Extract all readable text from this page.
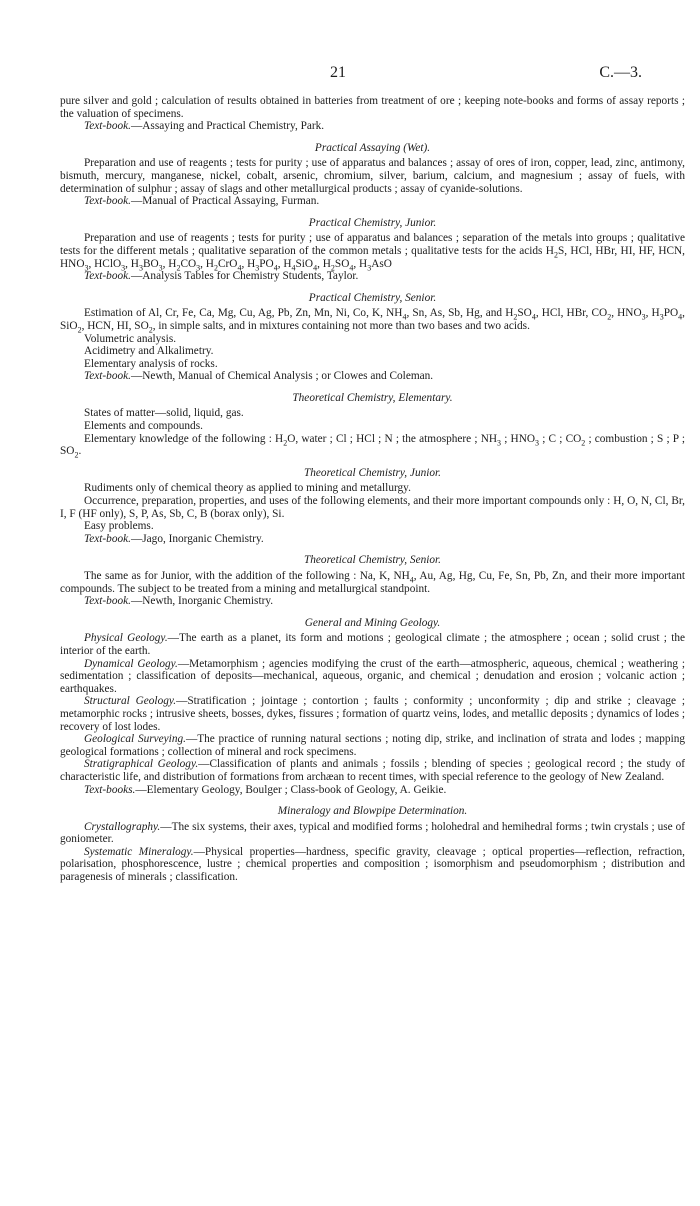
21	C.—3.

pure silver and gold ; calculation of results obtained in batteries from treatment of ore ; keeping note-books and forms of assay reports ; the valuation of specimens.

Text-book.—Assaying and Practical Chemistry, Park.

Practical Assaying (Wet).

Preparation and use of reagents ; tests for purity ; use of apparatus and balances ; assay of ores of iron, copper, lead, zinc, antimony, bismuth, mercury, manganese, nickel, cobalt, arsenic, chromium, silver, barium, calcium, and magnesium ; assay of fuels, with determination of sulphur ; assay of slags and other metallurgical products ; assay of cyanide-solutions.

Text-book.—Manual of Practical Assaying, Furman.

Practical Chemistry, Junior.

Preparation and use of reagents ; tests for purity ; use of apparatus and balances ; separation of the metals into groups ; qualitative tests for the different metals ; qualitative separation of the common metals ; qualitative tests for the acids $H_2S$, HCl, HBr, HI, HF, HCN, $HNO_3$, HClO$_3$, $H_3BO_3$, $H_2CO_3$, $H_2CrO_4$, $H_3PO_4$, $H_4SiO_4$, $H_2SO_4$, $H_3AsO$

Text-book.—Analysis Tables for Chemistry Students, Taylor.

Practical Chemistry, Senior.

Estimation of Al, Cr, Fe, Ca, Mg, Cu, Ag, Pb, Zn, Mn, Ni, Co, K, $NH_4$, Sn, As, Sb, Hg, and $H_2SO_4$, HCl, HBr, $CO_2$, $HNO_3$, $H_3PO_4$, SiO$_2$, HCN, HI, $SO_2$, in simple salts, and in mixtures containing not more than two bases and two acids.

Volumetric analysis.

Acidimetry and Alkalimetry.

Elementary analysis of rocks.

Text-book.—Newth, Manual of Chemical Analysis ; or Clowes and Coleman.

Theoretical Chemistry, Elementary.

States of matter—solid, liquid, gas.

Elements and compounds.

Elementary knowledge of the following : $H_2O$, water ; Cl ; HCl ; N ; the atmosphere ; $NH_3$ ; $HNO_3$ ; C ; $CO_2$ ; combustion ; S ; P ; $SO_2$.

Theoretical Chemistry, Junior.

Rudiments only of chemical theory as applied to mining and metallurgy.

Occurrence, preparation, properties, and uses of the following elements, and their more important compounds only : H, O, N, Cl, Br, I, F (HF only), S, P, As, Sb, C, B (borax only), Si.

Easy problems.

Text-book.—Jago, Inorganic Chemistry.

Theoretical Chemistry, Senior.

The same as for Junior, with the addition of the following : Na, K, $NH_4$, Au, Ag, Hg, Cu, Fe, Sn, Pb, Zn, and their more important compounds. The subject to be treated from a mining and metallurgical standpoint.

Text-book.—Newth, Inorganic Chemistry.

General and Mining Geology.

Physical Geology.—The earth as a planet, its form and motions ; geological climate ; the atmosphere ; ocean ; solid crust ; the interior of the earth.

Dynamical Geology.—Metamorphism ; agencies modifying the crust of the earth—atmospheric, aqueous, chemical ; weathering ; sedimentation ; classification of deposits—mechanical, aqueous, organic, and chemical ; denudation and erosion ; volcanic action ; earthquakes.

Structural Geology.—Stratification ; jointage ; contortion ; faults ; conformity ; unconformity ; dip and strike ; cleavage ; metamorphic rocks ; intrusive sheets, bosses, dykes, fissures ; formation of quartz veins, lodes, and metallic deposits ; dynamics of lodes ; recovery of lost lodes.

Geological Surveying.—The practice of running natural sections ; noting dip, strike, and inclination of strata and lodes ; mapping geological formations ; collection of mineral and rock specimens.

Stratigraphical Geology.—Classification of plants and animals ; fossils ; blending of species ; geological record ; the study of characteristic life, and distribution of formations from archæan to recent times, with special reference to the geology of New Zealand.

Text-books.—Elementary Geology, Boulger ; Class-book of Geology, A. Geikie.

Mineralogy and Blowpipe Determination.

Crystallography.—The six systems, their axes, typical and modified forms ; holohedral and hemihedral forms ; twin crystals ; use of goniometer.

Systematic Mineralogy.—Physical properties—hardness, specific gravity, cleavage ; optical properties—reflection, refraction, polarisation, phosphorescence, lustre ; chemical properties and composition ; isomorphism and pseudomorphism ; distribution and paragenesis of minerals ; classification.
